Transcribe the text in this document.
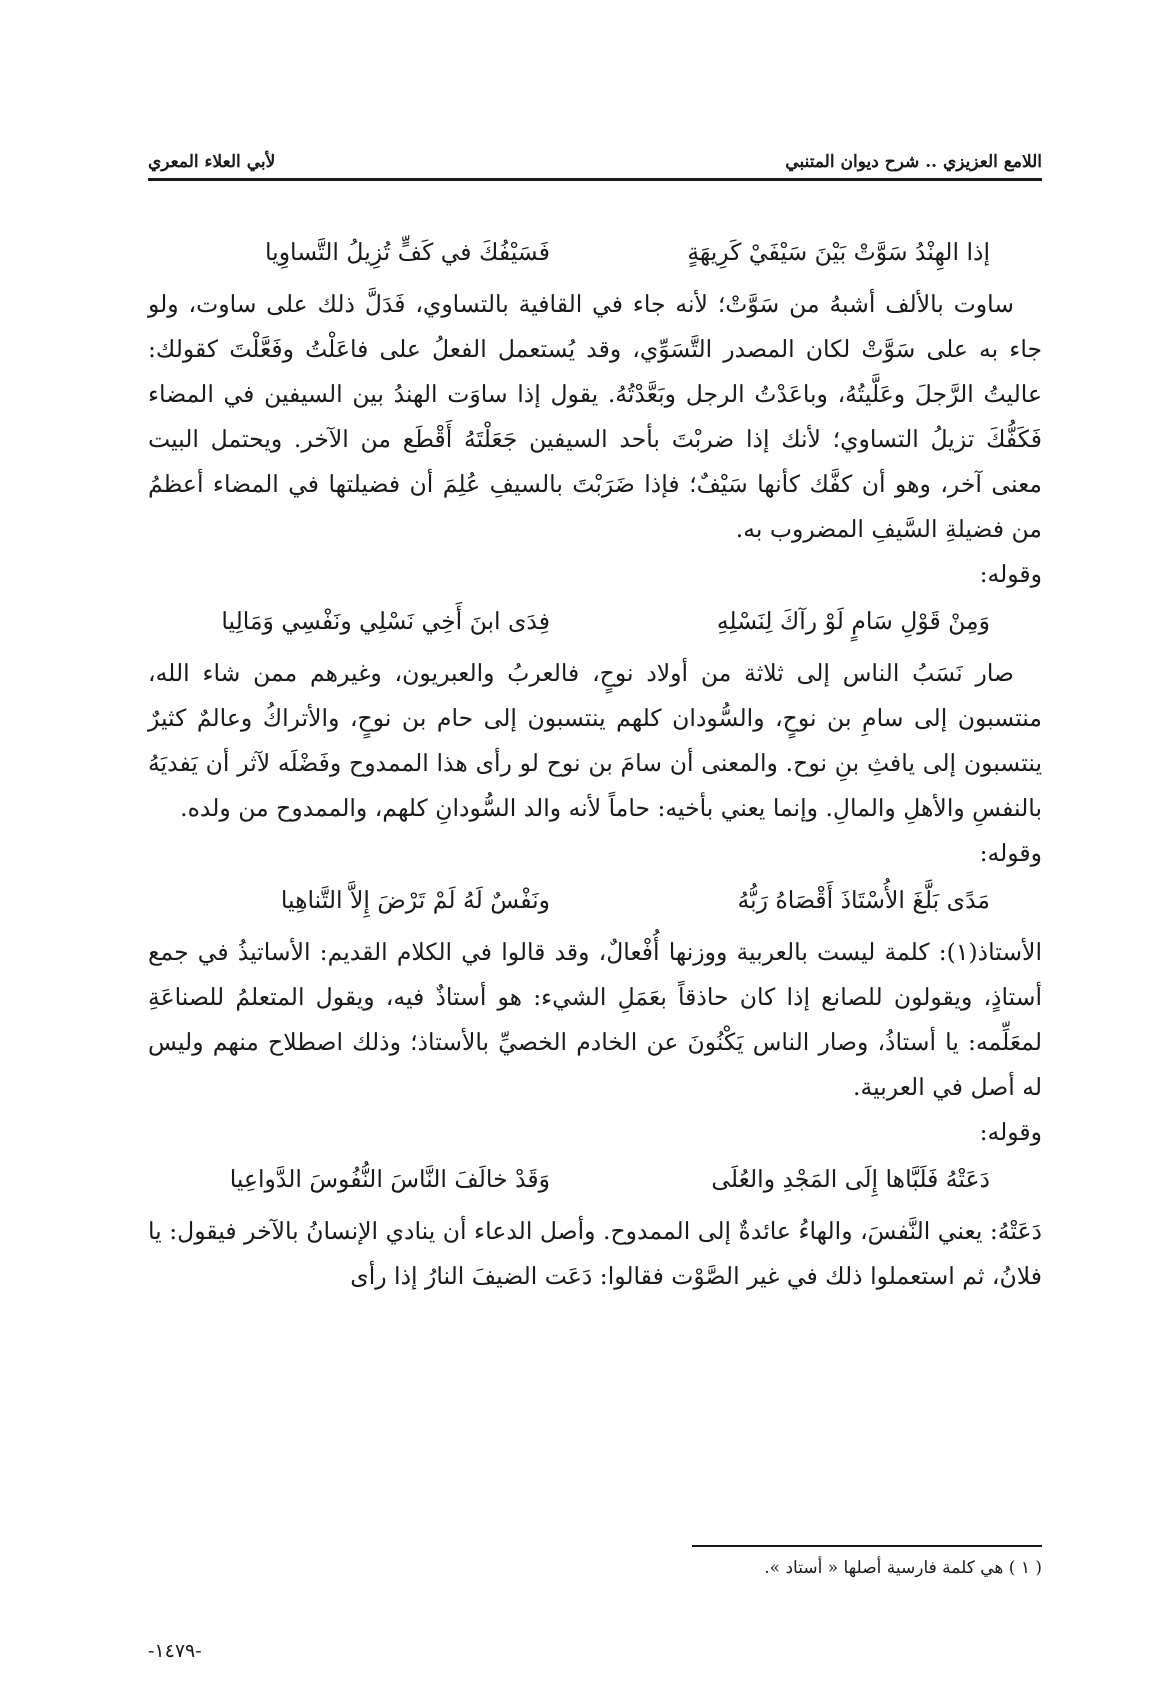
اللامع العزيزي .. شرح ديوان المتنبي
لأبي العلاء المعري
إذا الهِنْدُ سَوَّتْ بَيْنَ سَيْفَيْ كَرِيهَةٍ
فَسَيْفُكَ في كَفٍّ تُزِيلُ التَّساوِيا

ساوت بالألف أشبهُ من سَوَّتْ؛ لأنه جاء في القافية بالتساوي، فَدَلَّ ذلك على ساوت، ولو جاء به على سَوَّتْ لكان المصدر التَّسَوِّي، وقد يُستعمل الفعلُ على فاعَلْتُ وفَعَّلْتَ كقولك: عاليتُ الرَّجلَ وعَلَّيتُهُ، وباعَدْتُ الرجل وبَعَّدْتُهُ. يقول إذا ساوَت الهندُ بين السيفين في المضاء فَكَفُّكَ تزيلُ التساوي؛ لأنك إذا ضربْتَ بأحد السيفين جَعَلْتَهُ أَقْطَع من الآخر. ويحتمل البيت معنى آخر، وهو أن كفَّك كأنها سَيْفٌ؛ فإذا ضَرَبْتَ بالسيفِ عُلِمَ أن فضيلتها في المضاء أعظمُ من فضيلةِ السَّيفِ المضروب به.

وقوله:

وَمِنْ قَوْلِ سَامٍ لَوْ رآكَ لِنَسْلِهِ
فِدَى ابنَ أَخِي نَسْلِي ونَفْسِي وَمَالِيا

صار نَسَبُ الناس إلى ثلاثة من أولاد نوحٍ، فالعربُ والعبريون، وغيرهم ممن شاء الله، منتسبون إلى سامِ بن نوحٍ، والسُّودان كلهم ينتسبون إلى حام بن نوحٍ، والأتراكُ وعالمٌ كثيرٌ ينتسبون إلى يافثِ بنِ نوح. والمعنى أن سامَ بن نوح لو رأى هذا الممدوح وفَضْلَه لآثر أن يَفديَهُ بالنفسِ والأهلِ والمالِ. وإنما يعني بأخيه: حاماً لأنه والد السُّودانِ كلهم، والممدوح من ولده.

وقوله:

مَدًى بَلَّغَ الأُسْتَاذَ أَقْصَاهُ رَبُّهُ
ونَفْسٌ لَهُ لَمْ تَرْضَ إِلاَّ التَّناهِيا

الأستاذ(١): كلمة ليست بالعربية ووزنها أُفْعالٌ، وقد قالوا في الكلام القديم: الأساتيذُ في جمع أستاذٍ، ويقولون للصانع إذا كان حاذقاً بعَمَلِ الشيء: هو أستاذٌ فيه، ويقول المتعلمُ للصناعَةِ لمعَلِّمه: يا أستاذُ، وصار الناس يَكْنُونَ عن الخادم الخصيِّ بالأستاذ؛ وذلك اصطلاح منهم وليس له أصل في العربية.

وقوله:

دَعَتْهُ فَلَبَّاها إِلَى المَجْدِ والعُلَى
وَقَدْ خالَفَ النَّاسَ النُّفُوسَ الدَّواعِيا

دَعَتْهُ: يعني النَّفسَ، والهاءُ عائدةٌ إلى الممدوح. وأصل الدعاء أن ينادي الإنسانُ بالآخر فيقول: يا فلانُ، ثم استعملوا ذلك في غير الصَّوْت فقالوا: دَعَت الضيفَ النارُ إذا رأى

( ١ ) هي كلمة فارسية أصلها « أستاد ».
-١٤٧٩-
